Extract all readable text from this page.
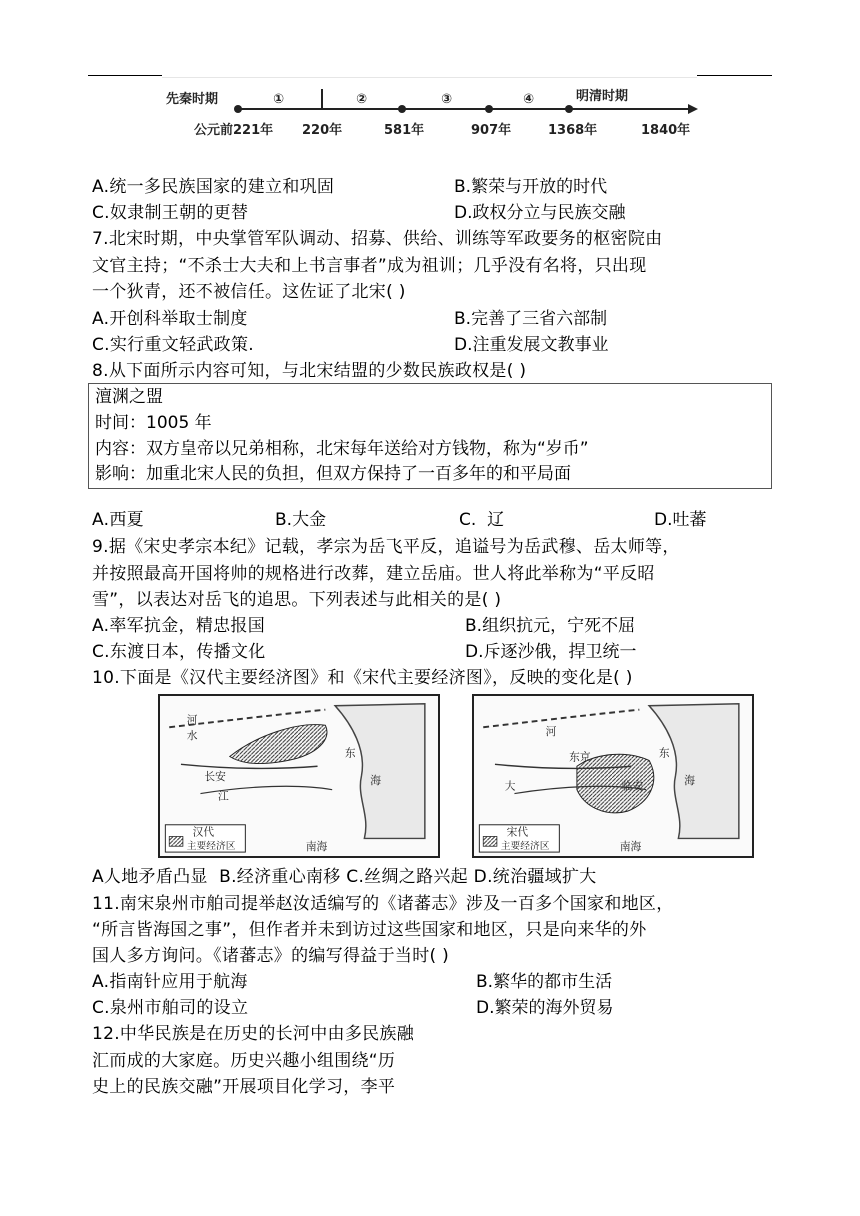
先秦时期	明清时期
①	②	③	④
公元前221年 220年	581年	907年	1368年	1840年
A.统一多民族国家的建立和巩固	B.繁荣与开放的时代
C.奴隶制王朝的更替	D.政权分立与民族交融
7.北宋时期，中央掌管军队调动、招募、供给、训练等军政要务的枢密院由
文官主持；“不杀士大夫和上书言事者”成为祖训；几乎没有名将，只出现
一个狄青，还不被信任。这佐证了北宋( )
A.开创科举取士制度	B.完善了三省六部制
C.实行重文轻武政策.	D.注重发展文教事业
8.从下面所示内容可知，与北宋结盟的少数民族政权是( )
澶渊之盟
时间：1005 年
内容：双方皇帝以兄弟相称，北宋每年送给对方钱物，称为“岁币”
影响：加重北宋人民的负担，但双方保持了一百多年的和平局面
A.西夏	B.大金	C.  辽	D.吐蕃
9.据《宋史孝宗本纪》记载，孝宗为岳飞平反，追谥号为岳武穆、岳太师等，
并按照最高开国将帅的规格进行改葬，建立岳庙。世人将此举称为“平反昭
雪”，以表达对岳飞的追思。下列表述与此相关的是( )
A.率军抗金，精忠报国	B.组织抗元，宁死不屈
C.东渡日本，传播文化	D.斥逐沙俄，捍卫统一
10.下面是《汉代主要经济图》和《宋代主要经济图》，反映的变化是( )
河
水
长安
江
东
海
南海
汉代
主要经济区
河
东京	东
大	海
临安
南海
宋代
主要经济区
A人地矛盾凸显  B.经济重心南移 C.丝绸之路兴起 D.统治疆域扩大
11.南宋泉州市舶司提举赵汝适编写的《诸蕃志》涉及一百多个国家和地区，
“所言皆海国之事”，但作者并未到访过这些国家和地区，只是向来华的外
国人多方询问。《诸蕃志》的编写得益于当时( )
A.指南针应用于航海	B.繁华的都市生活
C.泉州市舶司的设立	D.繁荣的海外贸易
12.中华民族是在历史的长河中由多民族融
汇而成的大家庭。历史兴趣小组围绕“历
史上的民族交融”开展项目化学习，李平
